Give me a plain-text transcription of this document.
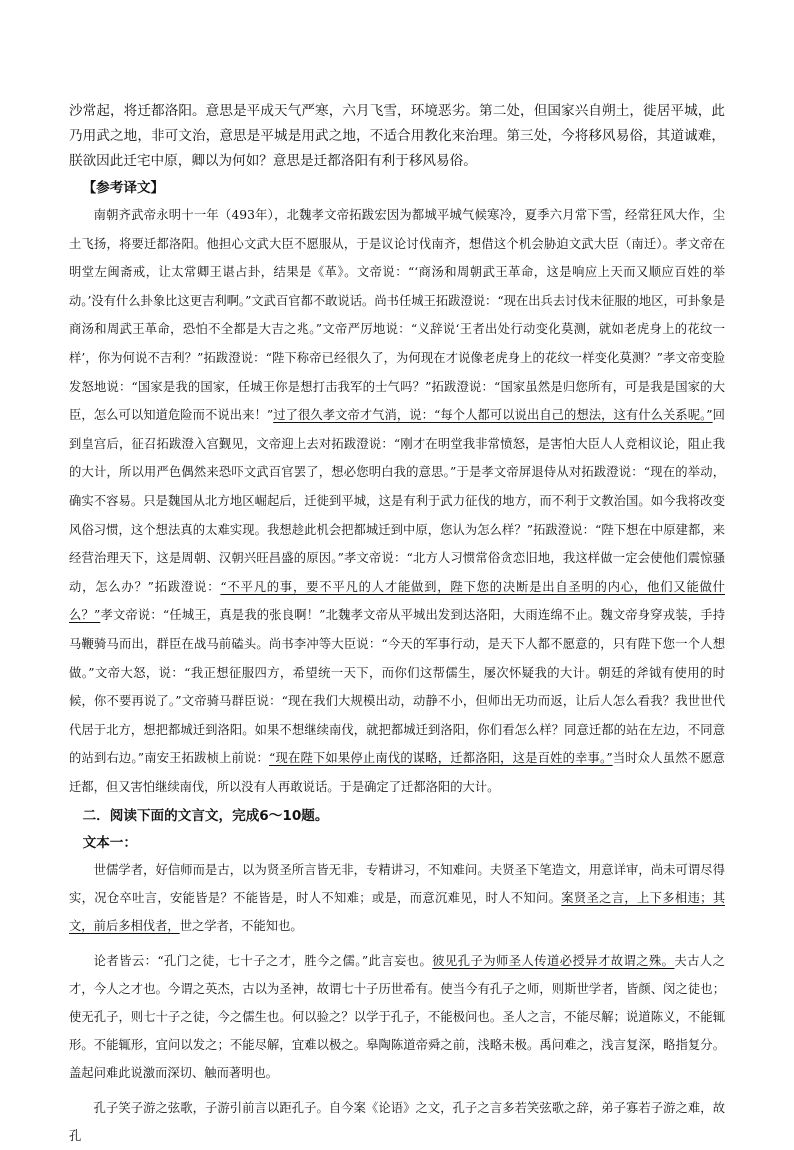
沙常起，将迁都洛阳。意思是平成天气严寒，六月飞雪，环境恶劣。第二处，但国家兴自朔土，徙居平城，此乃用武之地，非可文治，意思是平城是用武之地，不适合用教化来治理。第三处，今将移风易俗，其道诚难，朕欲因此迁宅中原，卿以为何如？意思是迁都洛阳有利于移风易俗。

【参考译文】

南朝齐武帝永明十一年（493年），北魏孝文帝拓跋宏因为都城平城气候寒冷，夏季六月常下雪，经常狂风大作，尘土飞扬，将要迁都洛阳。他担心文武大臣不愿服从，于是议论讨伐南齐，想借这个机会胁迫文武大臣（南迁）。孝文帝在明堂左闽斋戒，让太常卿王谌占卦，结果是《革》。文帝说：“‘商汤和周朝武王革命，这是响应上天而又顺应百姓的举动。’没有什么卦象比这更吉利啊。”文武百官都不敢说话。尚书任城王拓跋澄说：“现在出兵去讨伐未征服的地区，可卦象是商汤和周武王革命，恐怕不全都是大吉之兆。”文帝严厉地说：“义辞说‘王者出处行动变化莫测，就如老虎身上的花纹一样’，你为何说不吉利？”拓跋澄说：“陛下称帝已经很久了，为何现在才说像老虎身上的花纹一样变化莫测？”孝文帝变脸发怒地说：“国家是我的国家，任城王你是想打击我军的士气吗？”拓跋澄说：“国家虽然是归您所有，可是我是国家的大臣，怎么可以知道危险而不说出来！”过了很久孝文帝才气消，说：“每个人都可以说出自己的想法，这有什么关系呢。”回到皇宫后，征召拓跋澄入宫觐见，文帝迎上去对拓跋澄说：“刚才在明堂我非常愤怒，是害怕大臣人人竞相议论，阻止我的大计，所以用严色偶然来恐吓文武百官罢了，想必您明白我的意思。”于是孝文帝屏退侍从对拓跋澄说：“现在的举动，确实不容易。只是魏国从北方地区崛起后，迁徙到平城，这是有利于武力征伐的地方，而不利于文教治国。如今我将改变风俗习惯，这个想法真的太难实现。我想趁此机会把都城迁到中原，您认为怎么样？”拓跋澄说：“陛下想在中原建都，来经营治理天下，这是周朝、汉朝兴旺昌盛的原因。”孝文帝说：“北方人习惯常俗贪恋旧地，我这样做一定会使他们震惊骚动，怎么办？”拓跋澄说：“不平凡的事，要不平凡的人才能做到，陛下您的决断是出自圣明的内心，他们又能做什么？”孝文帝说：“任城王，真是我的张良啊！”北魏孝文帝从平城出发到达洛阳，大雨连绵不止。魏文帝身穿戎装，手持马鞭骑马而出，群臣在战马前磕头。尚书李冲等大臣说：“今天的军事行动，是天下人都不愿意的，只有陛下您一个人想做。”文帝大怒，说：“我正想征服四方，希望统一天下，而你们这帮儒生，屡次怀疑我的大计。朝廷的斧钺有使用的时候，你不要再说了。”文帝骑马群臣说：“现在我们大规模出动，动静不小，但师出无功而返，让后人怎么看我？我世世代代居于北方，想把都城迁到洛阳。如果不想继续南伐，就把都城迁到洛阳，你们看怎么样？同意迁都的站在左边，不同意的站到右边。”南安王拓跋桢上前说：“现在陛下如果停止南伐的谋略，迁都洛阳，这是百姓的幸事。”当时众人虽然不愿意迁都，但又害怕继续南伐，所以没有人再敢说话。于是确定了迁都洛阳的大计。

二．阅读下面的文言文，完成6～10题。

文本一：

世儒学者，好信师而是古，以为贤圣所言皆无非，专精讲习，不知难问。夫贤圣下笔造文，用意详审，尚未可谓尽得实，况仓卒吐言，安能皆是？不能皆是，时人不知难；或是，而意沉难见，时人不知问。案贤圣之言，上下多相违；其文，前后多相伐者，世之学者，不能知也。

论者皆云：“孔门之徒，七十子之才，胜今之儒。”此言妄也。彼见孔子为师圣人传道必授异才故谓之殊。夫古人之才，今人之才也。今谓之英杰，古以为圣神，故谓七十子历世希有。使当今有孔子之师，则斯世学者，皆颜、闵之徒也；使无孔子，则七十子之徒，今之儒生也。何以验之？以学于孔子，不能极问也。圣人之言，不能尽解；说道陈义，不能辄形。不能辄形，宜问以发之；不能尽解，宜难以极之。皋陶陈道帝舜之前，浅略未极。禹问难之，浅言复深，略指复分。盖起问难此说激而深切、触而著明也。

孔子笑子游之弦歌，子游引前言以距孔子。自今案《论语》之文，孔子之言多若笑弦歌之辞，弟子寡若子游之难，故孔
